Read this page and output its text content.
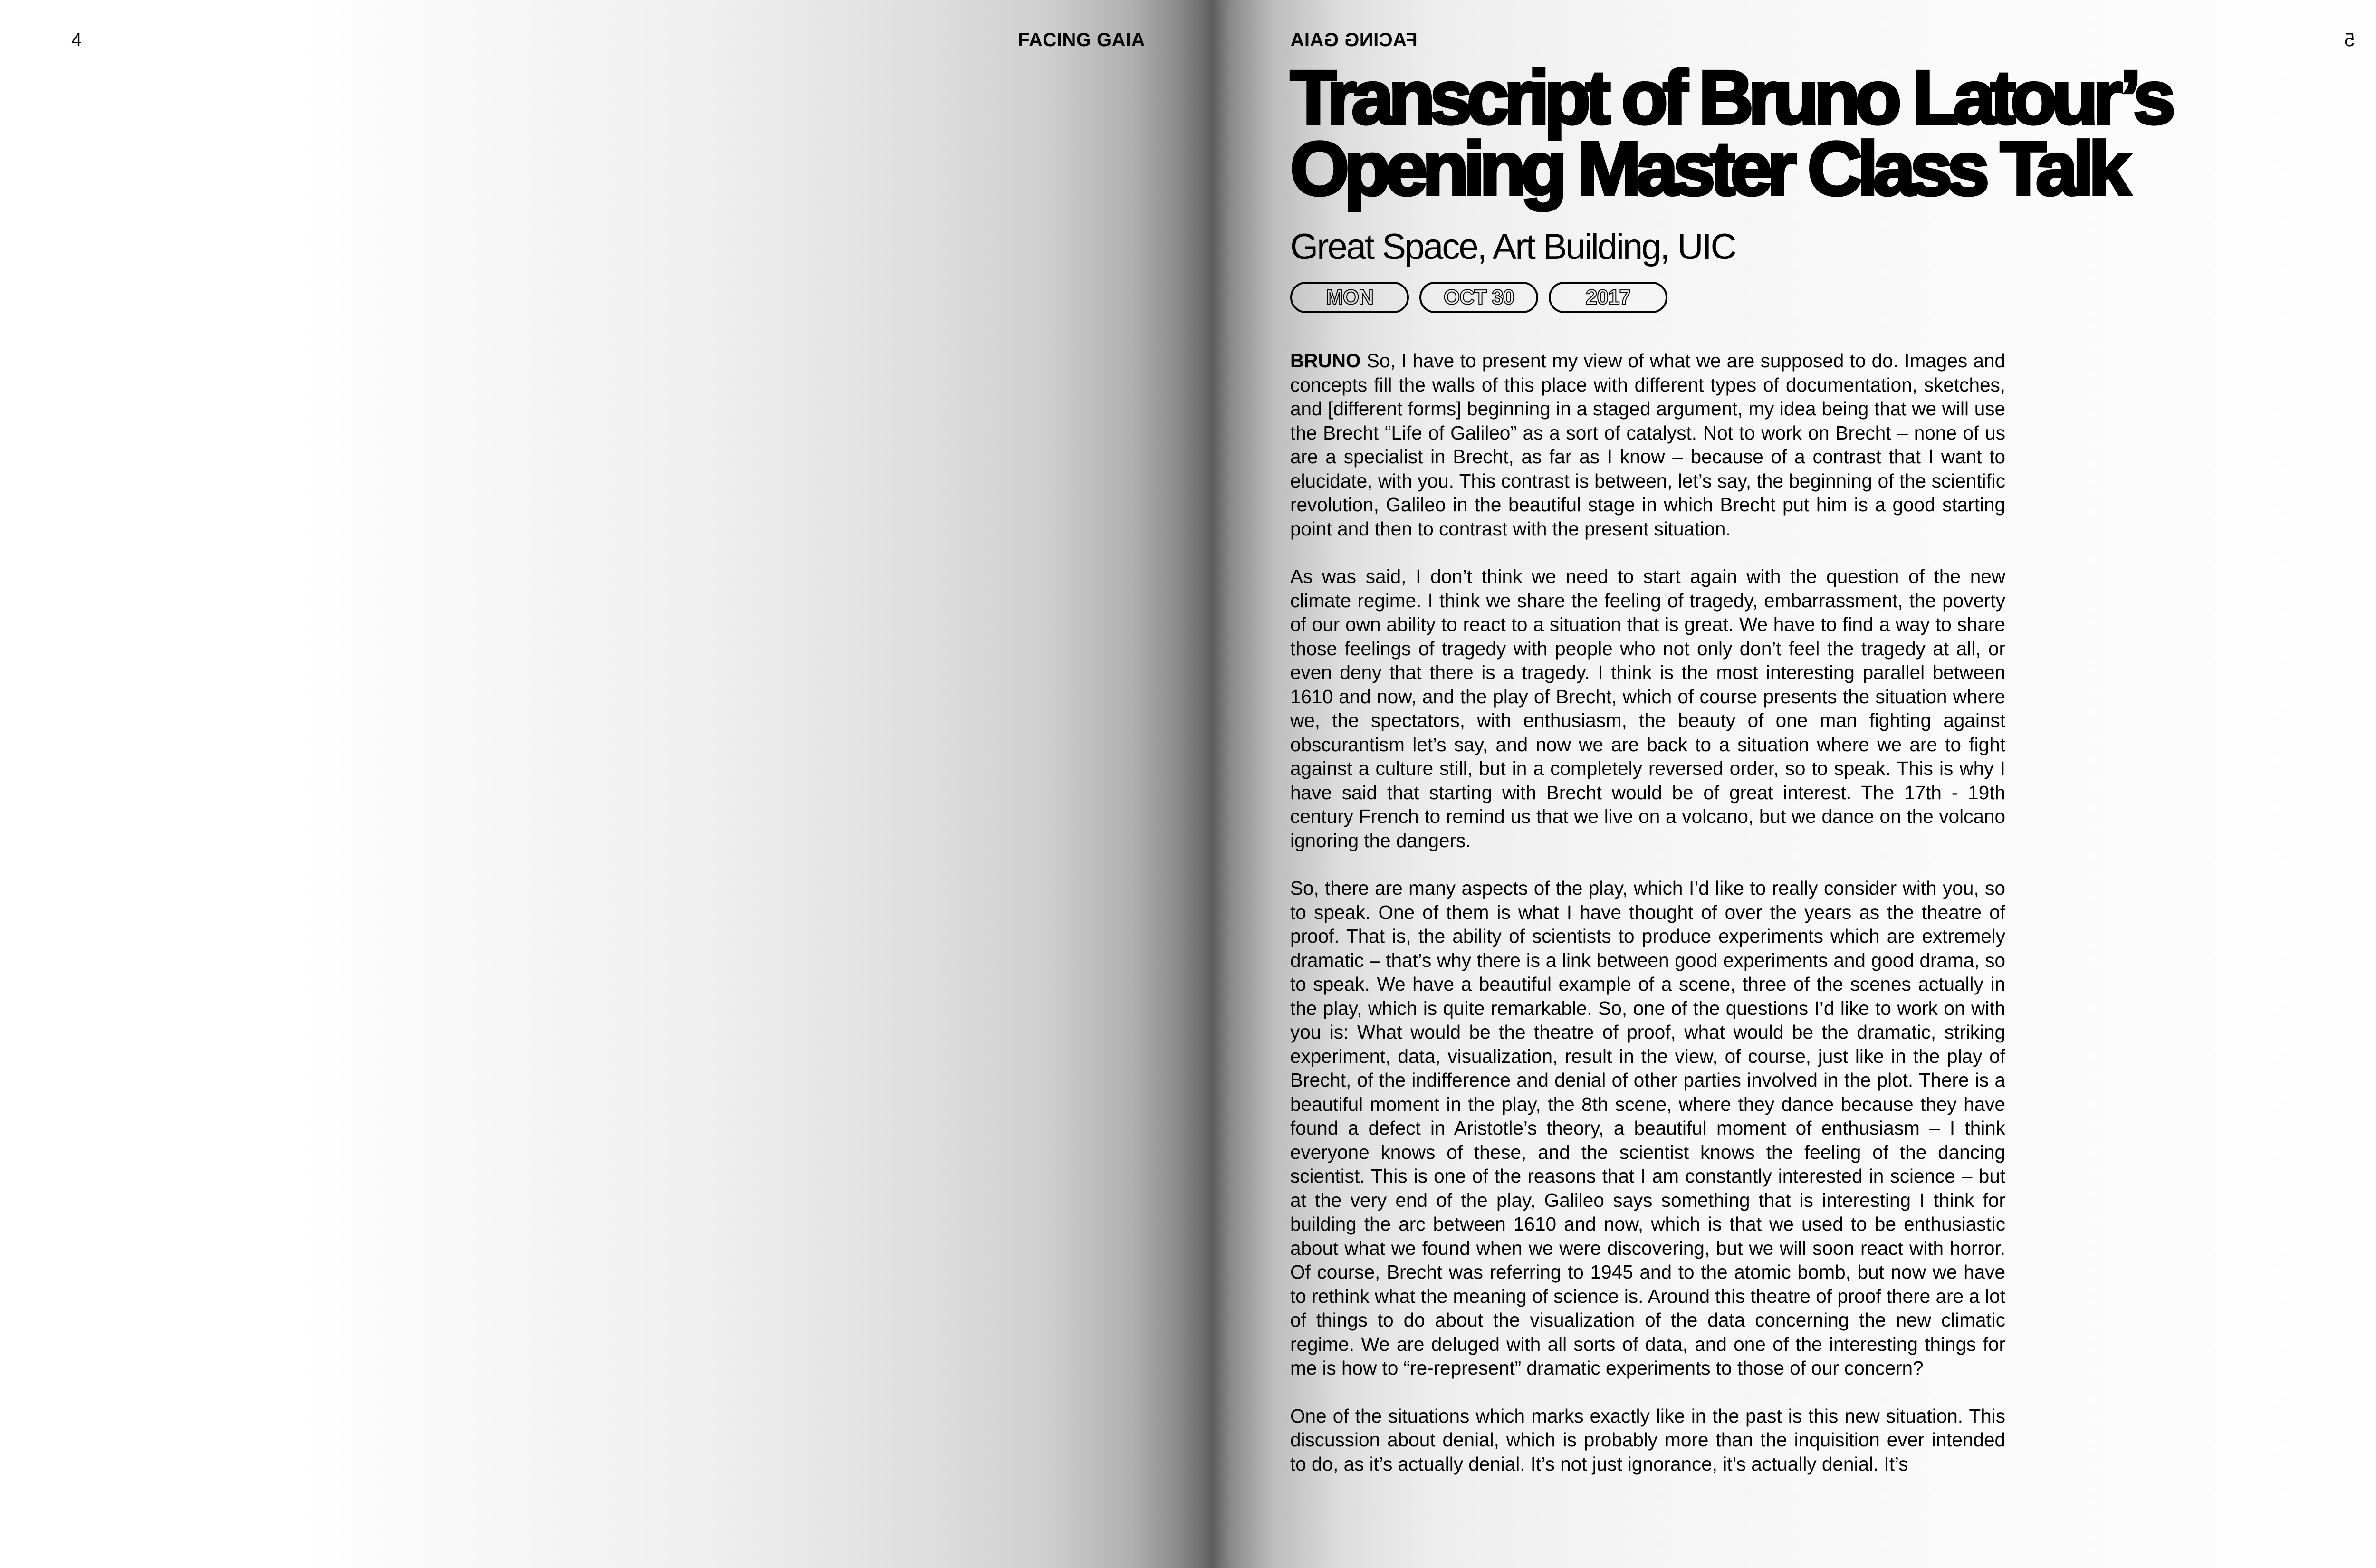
4	FACING GAIA	FACING GAIA	5
Transcript of Bruno Latour’s Opening Master Class Talk
Great Space, Art Building, UIC
MON	OCT 30	2017

BRUNO So, I have to present my view of what we are supposed to do. Images and concepts fill the walls of this place with different types of documentation, sketches, and [different forms] beginning in a staged argument, my idea being that we will use the Brecht “Life of Galileo” as a sort of catalyst. Not to work on Brecht – none of us are a specialist in Brecht, as far as I know – because of a contrast that I want to elucidate, with you. This contrast is between, let’s say, the beginning of the scientific revolution, Galileo in the beautiful stage in which Brecht put him is a good starting point and then to contrast with the present situation.

As was said, I don’t think we need to start again with the question of the new climate regime. I think we share the feeling of tragedy, embarrassment, the poverty of our own ability to react to a situation that is great. We have to find a way to share those feelings of tragedy with people who not only don’t feel the tragedy at all, or even deny that there is a tragedy. I think is the most interesting parallel between 1610 and now, and the play of Brecht, which of course presents the situation where we, the spectators, with enthusiasm, the beauty of one man fighting against obscurantism let’s say, and now we are back to a situation where we are to fight against a culture still, but in a completely reversed order, so to speak. This is why I have said that starting with Brecht would be of great interest. The 17th - 19th century French to remind us that we live on a volcano, but we dance on the volcano ignoring the dangers.

So, there are many aspects of the play, which I’d like to really consider with you, so to speak. One of them is what I have thought of over the years as the theatre of proof. That is, the ability of scientists to produce experiments which are extremely dramatic – that’s why there is a link between good experiments and good drama, so to speak. We have a beautiful example of a scene, three of the scenes actually in the play, which is quite remarkable. So, one of the questions I’d like to work on with you is: What would be the theatre of proof, what would be the dramatic, striking experiment, data, visualization, result in the view, of course, just like in the play of Brecht, of the indifference and denial of other parties involved in the plot. There is a beautiful moment in the play, the 8th scene, where they dance because they have found a defect in Aristotle’s theory, a beautiful moment of enthusiasm – I think everyone knows of these, and the scientist knows the feeling of the dancing scientist. This is one of the reasons that I am constantly interested in science – but at the very end of the play, Galileo says something that is interesting I think for building the arc between 1610 and now, which is that we used to be enthusiastic about what we found when we were discovering, but we will soon react with horror. Of course, Brecht was referring to 1945 and to the atomic bomb, but now we have to rethink what the meaning of science is. Around this theatre of proof there are a lot of things to do about the visualization of the data concerning the new climatic regime. We are deluged with all sorts of data, and one of the interesting things for me is how to “re-represent” dramatic experiments to those of our concern?

One of the situations which marks exactly like in the past is this new situation. This discussion about denial, which is probably more than the inquisition ever intended to do, as it’s actually denial. It’s not just ignorance, it’s actually denial. It’s
